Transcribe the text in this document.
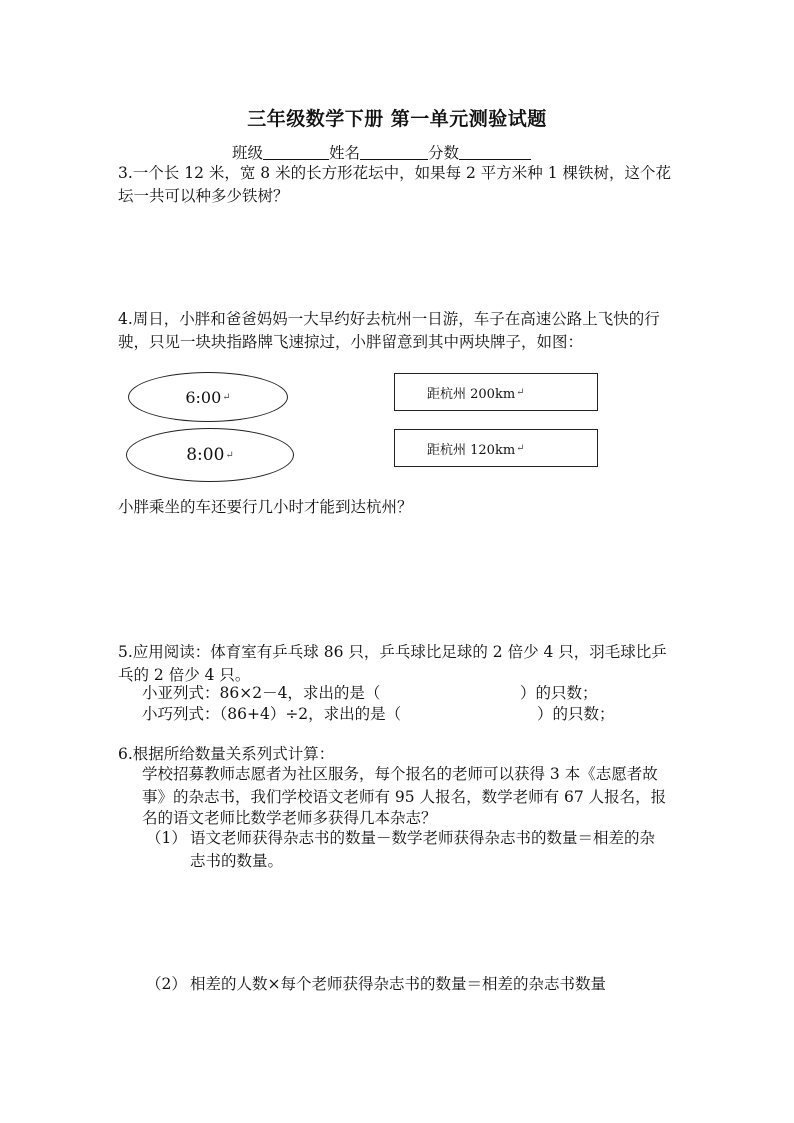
三年级数学下册 第一单元测验试题
班级	姓名	分数
3.一个长 12 米，宽 8 米的长方形花坛中，如果每 2 平方米种 1 棵铁树，这个花
坛一共可以种多少铁树？
4.周日，小胖和爸爸妈妈一大早约好去杭州一日游，车子在高速公路上飞快的行
驶，只见一块块指路牌飞速掠过，小胖留意到其中两块牌子，如图：
6:00 ↵
8:00 ↵
距杭州 200km ↵
距杭州 120km ↵
小胖乘坐的车还要行几小时才能到达杭州？
5.应用阅读：体育室有乒乓球 86 只，乒乓球比足球的 2 倍少 4 只，羽毛球比乒
乓的 2 倍少 4 只。
小亚列式：86×2－4，求出的是（	）的只数；
小巧列式：（86+4）÷2，求出的是（	）的只数；
6.根据所给数量关系列式计算：
学校招募教师志愿者为社区服务，每个报名的老师可以获得 3 本《志愿者故
事》的杂志书，我们学校语文老师有 95 人报名，数学老师有 67 人报名，报
名的语文老师比数学老师多获得几本杂志？
（1） 语文老师获得杂志书的数量－数学老师获得杂志书的数量＝相差的杂
志书的数量。
（2） 相差的人数×每个老师获得杂志书的数量＝相差的杂志书数量
